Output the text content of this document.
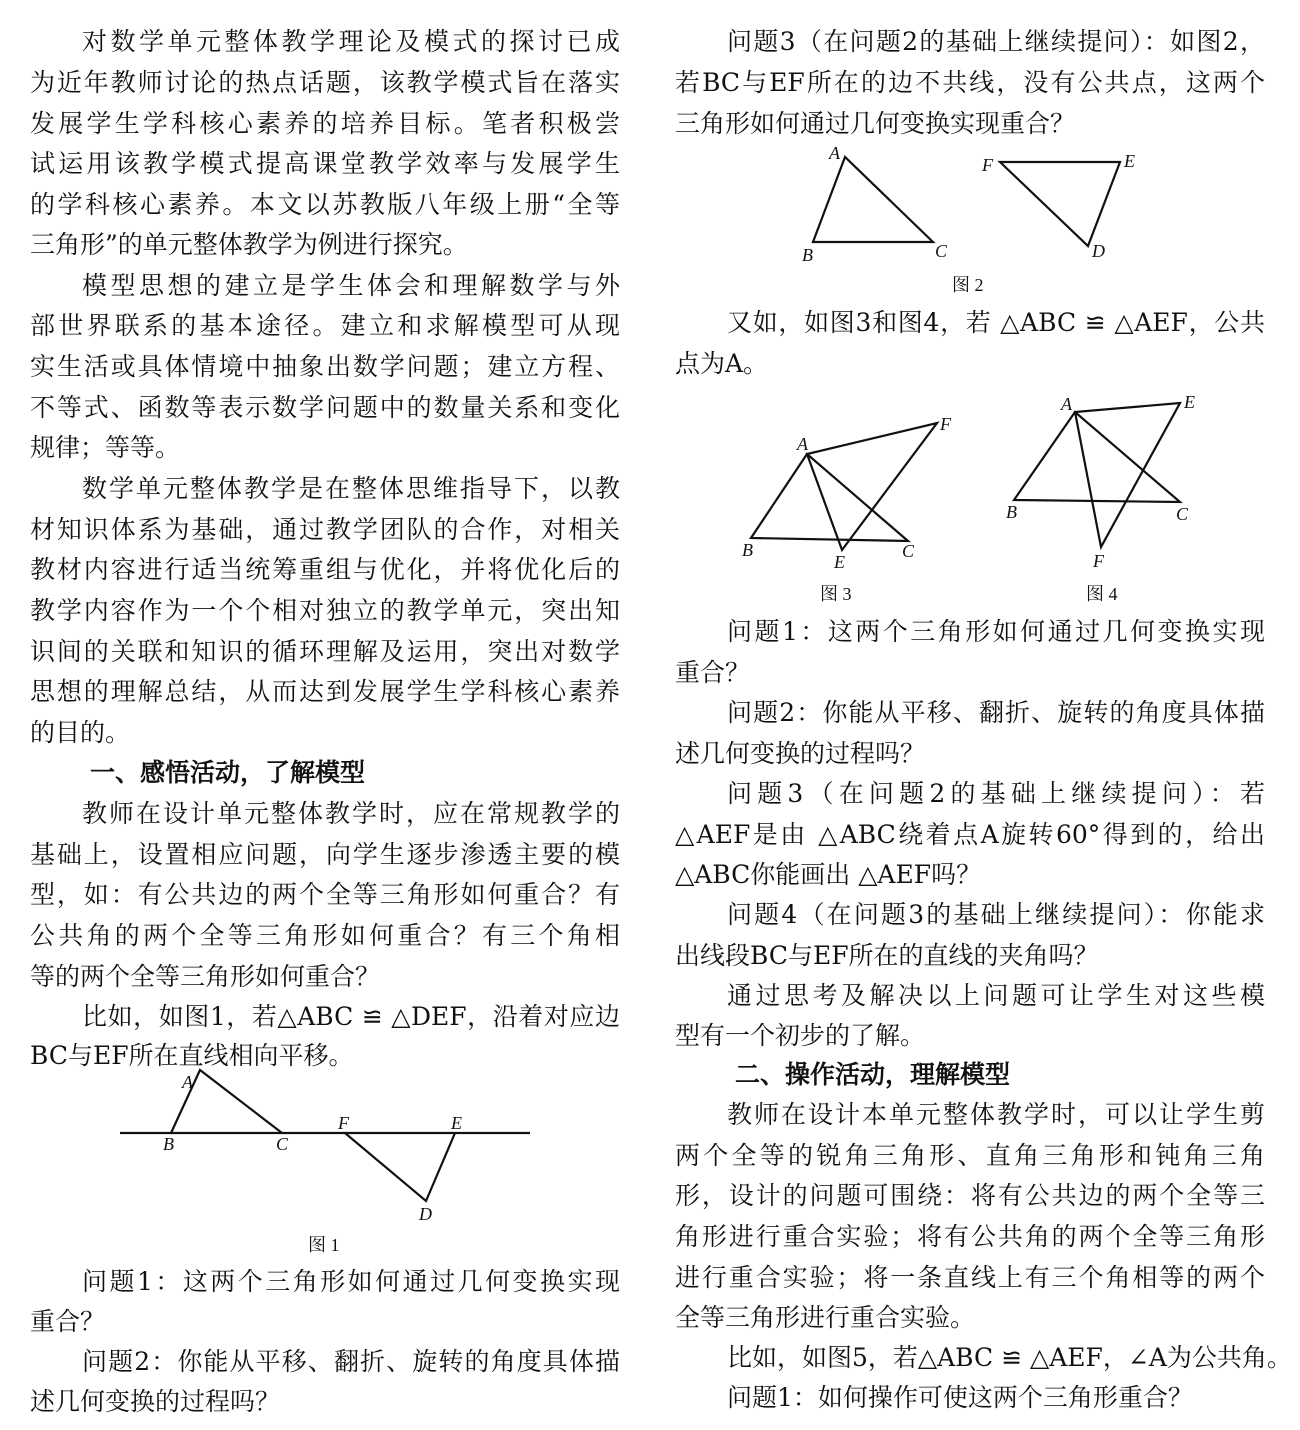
对数学单元整体教学理论及模式的探讨已成
为近年教师讨论的热点话题，该教学模式旨在落实
发展学生学科核心素养的培养目标。笔者积极尝
试运用该教学模式提高课堂教学效率与发展学生
的学科核心素养。本文以苏教版八年级上册“全等
三角形”的单元整体教学为例进行探究。
模型思想的建立是学生体会和理解数学与外
部世界联系的基本途径。建立和求解模型可从现
实生活或具体情境中抽象出数学问题；建立方程、
不等式、函数等表示数学问题中的数量关系和变化
规律；等等。
数学单元整体教学是在整体思维指导下，以教
材知识体系为基础，通过教学团队的合作，对相关
教材内容进行适当统筹重组与优化，并将优化后的
教学内容作为一个个相对独立的教学单元，突出知
识间的关联和知识的循环理解及运用，突出对数学
思想的理解总结，从而达到发展学生学科核心素养
的目的。
一、感悟活动，了解模型
教师在设计单元整体教学时，应在常规教学的
基础上，设置相应问题，向学生逐步渗透主要的模
型，如：有公共边的两个全等三角形如何重合？有
公共角的两个全等三角形如何重合？有三个角相
等的两个全等三角形如何重合？
比如，如图1，若△ABC ≌ △DEF，沿着对应边
BC与EF所在直线相向平移。
问题1：这两个三角形如何通过几何变换实现
重合？
问题2：你能从平移、翻折、旋转的角度具体描
述几何变换的过程吗？
问题3（在问题2的基础上继续提问）：如图2，
若BC与EF所在的边不共线，没有公共点，这两个
三角形如何通过几何变换实现重合？
又如，如图3和图4，若 △ABC ≌ △AEF，公共
点为A。
问题1：这两个三角形如何通过几何变换实现
重合？
问题2：你能从平移、翻折、旋转的角度具体描
述几何变换的过程吗？
问题3（在问题2的基础上继续提问）：若
△AEF是由 △ABC绕着点A旋转60°得到的，给出
△ABC你能画出 △AEF吗？
问题4（在问题3的基础上继续提问）：你能求
出线段BC与EF所在的直线的夹角吗？
通过思考及解决以上问题可让学生对这些模
型有一个初步的了解。
二、操作活动，理解模型
教师在设计本单元整体教学时，可以让学生剪
两个全等的锐角三角形、直角三角形和钝角三角
形，设计的问题可围绕：将有公共边的两个全等三
角形进行重合实验；将有公共角的两个全等三角形
进行重合实验；将一条直线上有三个角相等的两个
全等三角形进行重合实验。
比如，如图5，若△ABC ≌ △AEF，∠A为公共角。
问题1：如何操作可使这两个三角形重合？
A
B	C
F	E
D
图 1
A
B	C
F	E
D
图 2
A
F
B
E
C
图 3
A	E
B	C
F
图 4
